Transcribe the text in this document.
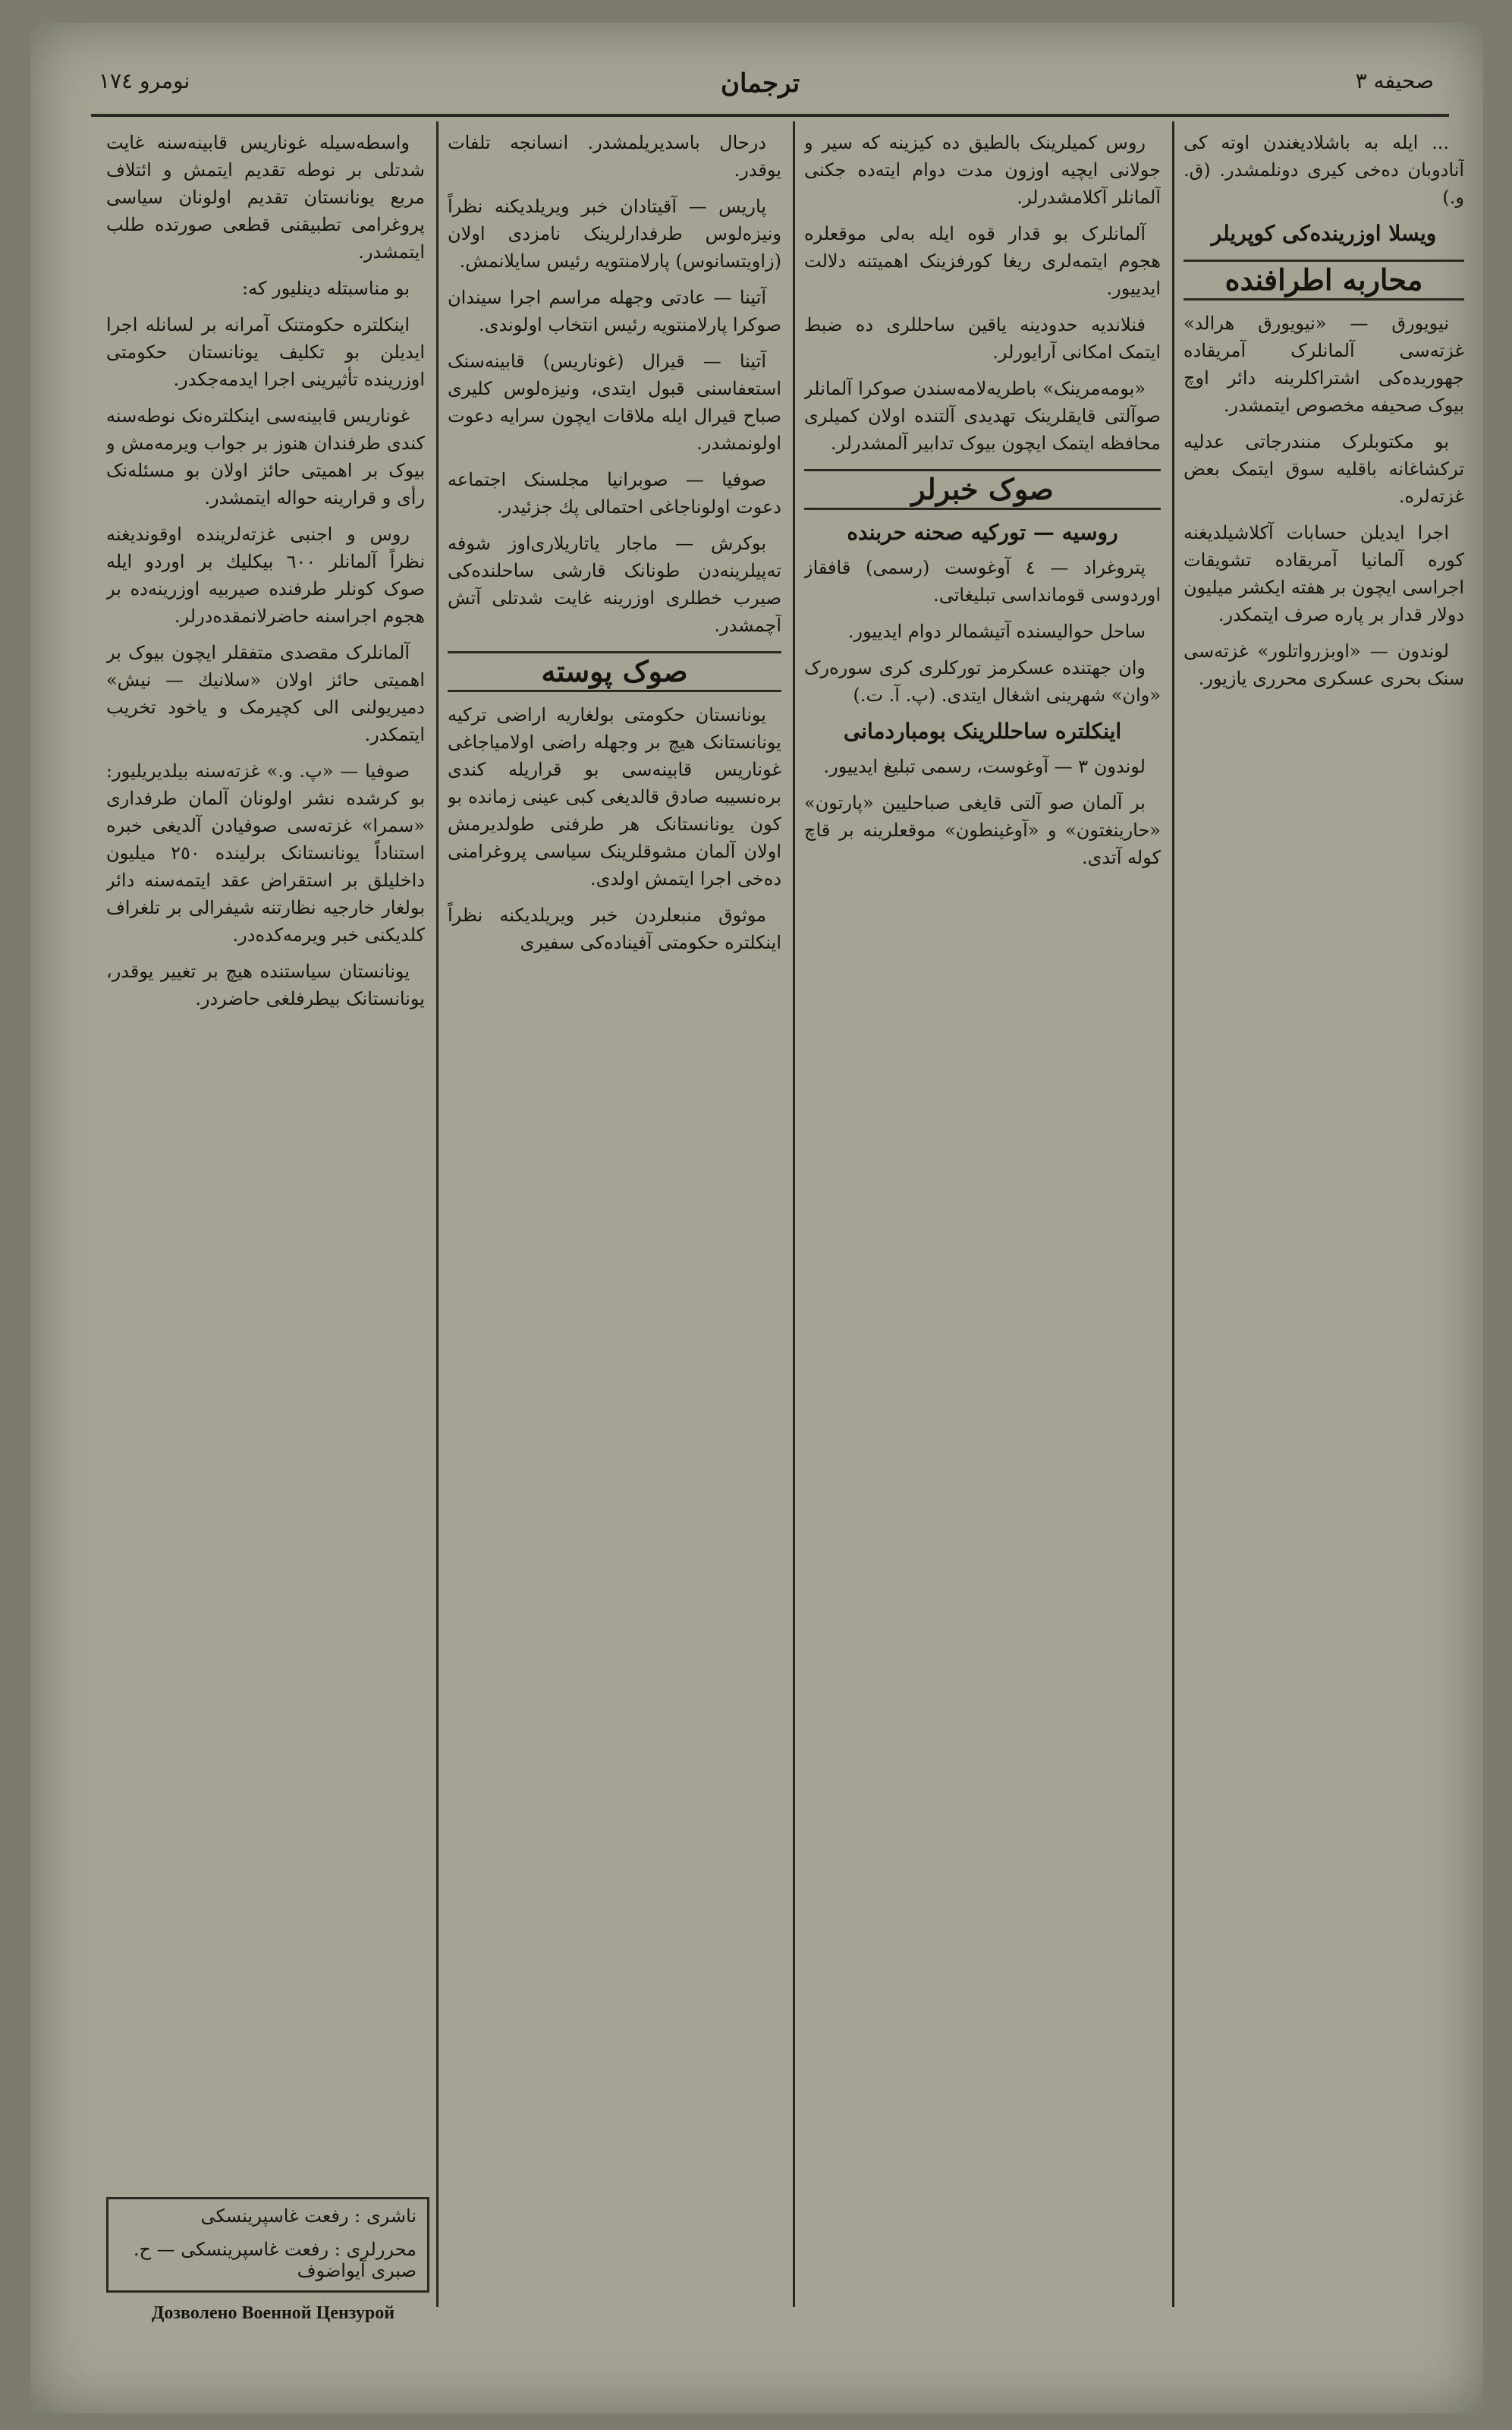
نومرو ١٧٤	ترجمان	صحیفه ٣

... ایله به باشلادیغندن اوته کی آنادوبان ده‌خی کیری دونلمشدر. (ق. و.)

ویسلا اوزرینده‌کی کوپریلر
محاربه اطرافنده

نیویورق — «نیویورق هرالد» غزته‌سی آلمانلرک آمریقاده جهوریده‌کی اشتراکلرینه دائر اوچ بیوک صحیفه مخصوص ایتمشدر.

بو مکتوبلرک منندرجاتی عدلیه ترکشاغانه باقلیه سوق ایتمک بعض غزته‌لره.

اجرا ایدیلن حسابات آکلاشیلدیغنه کوره آلمانیا آمریقاده تشویقات اجراسی ایچون بر هفته ایکشر میلیون دولار قدار بر پاره صرف ایتمکدر.

لوندون — «اوبزرواتلور» غزته‌سی سنک بحری عسکری محرری یازیور.

روس کمیلرینک بالطیق ده کیزینه که سیر و جولانی ایچیه اوزون مدت دوام ایته‌ده جکنی آلمانلر آکلامشدرلر.

آلمانلرک بو قدار قوه ایله به‌لی موقعلره هجوم ایتمه‌لری ریغا کورفزینک اهمیتنه دلالت ایدییور.

فنلاندیه حدودینه یاقین ساحللری ده ضبط ایتمک امکانی آرایورلر.

«بومه‌مرینک» باطریه‌لامه‌سندن صوکرا آلمانلر صوآلتی قایقلرینک تهدیدی آلتنده اولان کمیلری محافظه ایتمک ایچون بیوک تدابیر آلمشدرلر.

صوک خبرلر
روسیه — تورکیه صحنه حربنده

پتروغراد — ٤ آوغوست (رسمی) قافقاز اوردوسی قومانداسی تبلیغاتی.

ساحل حوالیسنده آتیشمالر دوام ایدییور.

وان جهتنده عسکرمز تورکلری کری سوره‌رک «وان» شهرینی اشغال ایتدی. (پ. آ. ت.)

اینکلتره ساحللرینک بومباردمانی

لوندون ٣ — آوغوست، رسمی تبلیغ ایدییور.

بر آلمان صو آلتی قایغی صباحلیین «پارتون» «حارینغتون» و «آوغینطون» موقعلرینه بر قاچ کوله آتدی.

درحال باسدیریلمشدر. انسانجه تلفات یوقدر.

پاریس — آقیتادان خبر ویریلدیکنه نظراً ونیزه‌لوس طرفدارلرینک نامزدی اولان (زاویتسانوس) پارلامنتویه رئیس سایلانمش.

آتینا — عادتی وجهله مراسم اجرا سیندان صوکرا پارلامنتویه رئیس انتخاب اولوندی.

آتینا — قیرال (غوناریس) قابینه‌سنک استعفاسنی قبول ایتدی، ونیزه‌لوس کلیری صباح قیرال ایله ملاقات ایچون سرایه دعوت اولونمشدر.

صوفیا — صوبرانیا مجلسنک اجتماعه دعوت اولوناجاغی احتمالی پك جزئیدر.

بوکرش — ماجار یاتاریلاری‌اوز شوفه ته‌پیلرینه‌دن طونانک قارشی ساحلنده‌کی صیرب خطلری اوزرینه غایت شدتلی آتش آچمشدر.

صوک پوسته

یونانستان حکومتی بولغاریه اراضی ترکیه یونانستانک هیچ بر وجهله راضی اولامیاجاغی غوناریس قابینه‌سی بو قراریله کندی بره‌نسیبه صادق قالدیغی کبی عینی زمانده بو کون یونانستانک هر طرفنی طولدیرمش اولان آلمان مشوقلرینک سیاسی پروغرامنی ده‌خی اجرا ایتمش اولدی.

موثوق منبعلردن خبر ویریلدیکنه نظراً اینکلتره حکومتی آفیناده‌کی سفیری

واسطه‌سیله غوناریس قابینه‌سنه غایت شدتلی بر نوطه تقدیم ایتمش و ائتلاف مربع یونانستان تقدیم اولونان سیاسی پروغرامی تطبیقنی قطعی صورتده طلب ایتمشدر.

بو مناسبتله دینلیور که:

اینکلتره حکومتنک آمرانه بر لسانله اجرا ایدیلن بو تکلیف یونانستان حکومتی اوزرینده تأثیرینی اجرا ایدمه‌جکدر.

غوناریس قابینه‌سی اینکلتره‌نک نوطه‌سنه کندی طرفندان هنوز بر جواب ویرمه‌مش و بیوک بر اهمیتی حائز اولان بو مسئله‌نک رأی و قرارینه حواله ایتمشدر.

روس و اجنبی غزته‌لرینده اوقوندیغنه نظراً آلمانلر ٦٠٠ بیکلیك بر اوردو ایله صوک کونلر طرفنده صیربیه اوزرینه‌ده بر هجوم اجراسنه حاضرلانمقده‌درلر.

آلمانلرک مقصدی متفقلر ایچون بیوک بر اهمیتی حائز اولان «سلانیك — نیش» دمیریولنی الی کچیرمک و یاخود تخریب ایتمکدر.

صوفیا — «پ. و.» غزته‌سنه بیلدیریلیور: بو کرشده نشر اولونان آلمان طرفداری «سمرا» غزته‌سی صوفیادن آلدیغی خبره استناداً یونانستانک برلینده ٢٥٠ میلیون داخلیلق بر استقراض عقد ایتمه‌سنه دائر بولغار خارجیه نظارتنه شیفرالی بر تلغراف کلدیکنی خبر ویرمه‌کده‌در.

یونانستان سیاستنده هیچ بر تغییر یوقدر، یونانستانک بیطرفلغی حاضردر.

ناشری : رفعت غاسپرینسکی
محررلری : رفعت غاسپرینسکی — ح. صبری آیواضوف
Дозволено Военной Цензурой
